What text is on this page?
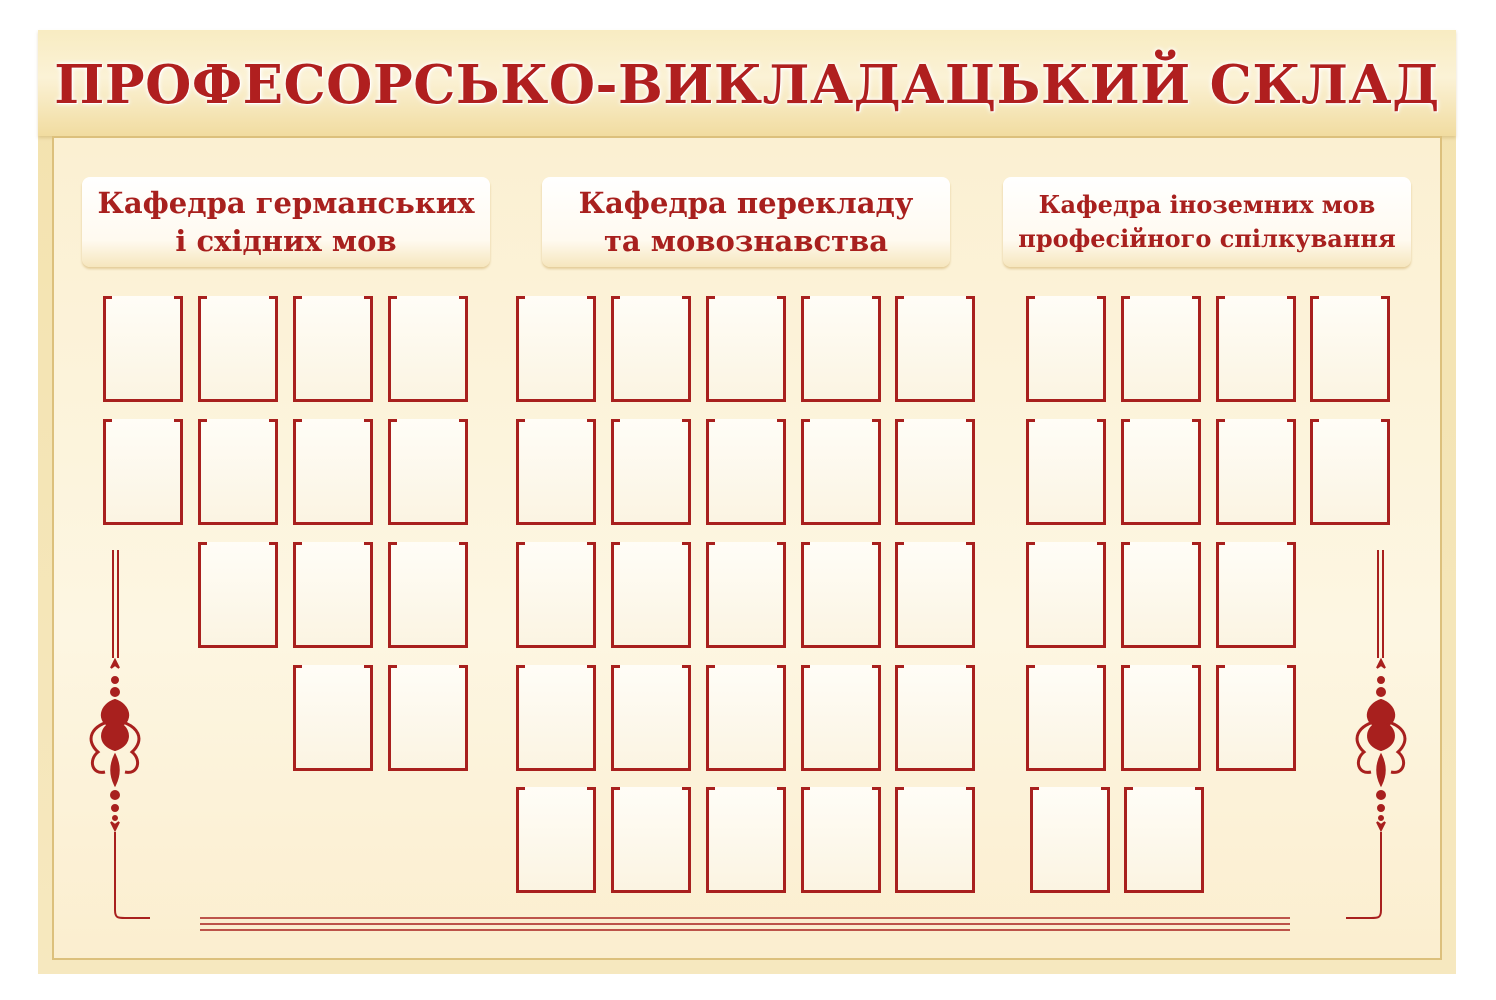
ПРОФЕСОРСЬКО-ВИКЛАДАЦЬКИЙ СКЛАД
Кафедра германських
і східних мов
Кафедра перекладу
та мовознавства
Кафедра іноземних мов
професійного спілкування
